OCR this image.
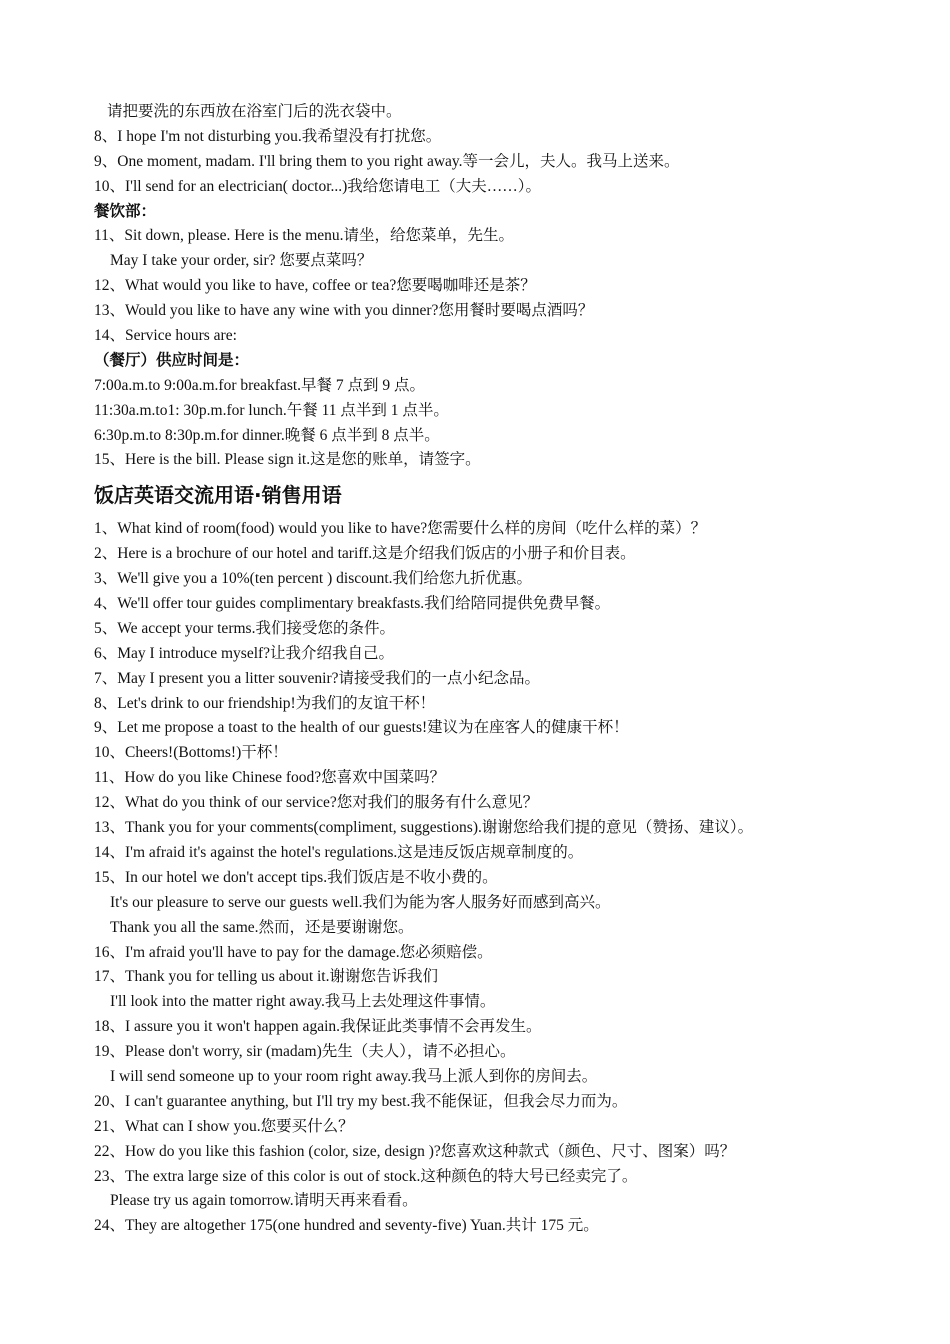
请把要洗的东西放在浴室门后的洗衣袋中。
8、I hope I'm not disturbing you.我希望没有打扰您。
9、One moment, madam. I'll bring them to you right away.等一会儿，夫人。我马上送来。
10、I'll send for an electrician( doctor...)我给您请电工（大夫……）。
餐饮部：
11、Sit down, please. Here is the menu.请坐，给您菜单，先生。
May I take your order, sir? 您要点菜吗？
12、What would you like to have, coffee or tea?您要喝咖啡还是茶？
13、Would you like to have any wine with you dinner?您用餐时要喝点酒吗？
14、Service hours are:
（餐厅）供应时间是：
7:00a.m.to 9:00a.m.for breakfast.早餐 7 点到 9 点。
11:30a.m.to1: 30p.m.for lunch.午餐 11 点半到 1 点半。
6:30p.m.to 8:30p.m.for dinner.晚餐 6 点半到 8 点半。
15、Here is the bill. Please sign it.这是您的账单，请签字。
饭店英语交流用语·销售用语
1、What kind of room(food) would you like to have?您需要什么样的房间（吃什么样的菜）？
2、Here is a brochure of our hotel and tariff.这是介绍我们饭店的小册子和价目表。
3、We'll give you a 10%(ten percent ) discount.我们给您九折优惠。
4、We'll offer tour guides complimentary breakfasts.我们给陪同提供免费早餐。
5、We accept your terms.我们接受您的条件。
6、May I introduce myself?让我介绍我自己。
7、May I present you a litter souvenir?请接受我们的一点小纪念品。
8、Let's drink to our friendship!为我们的友谊干杯！
9、Let me propose a toast to the health of our guests!建议为在座客人的健康干杯！
10、Cheers!(Bottoms!)干杯！
11、How do you like Chinese food?您喜欢中国菜吗？
12、What do you think of our service?您对我们的服务有什么意见？
13、Thank you for your comments(compliment, suggestions).谢谢您给我们提的意见（赞扬、建议）。
14、I'm afraid it's against the hotel's regulations.这是违反饭店规章制度的。
15、In our hotel we don't accept tips.我们饭店是不收小费的。
It's our pleasure to serve our guests well.我们为能为客人服务好而感到高兴。
Thank you all the same.然而，还是要谢谢您。
16、I'm afraid you'll have to pay for the damage.您必须赔偿。
17、Thank you for telling us about it.谢谢您告诉我们
I'll look into the matter right away.我马上去处理这件事情。
18、I assure you it won't happen again.我保证此类事情不会再发生。
19、Please don't worry, sir (madam)先生（夫人），请不必担心。
I will send someone up to your room right away.我马上派人到你的房间去。
20、I can't guarantee anything, but I'll try my best.我不能保证，但我会尽力而为。
21、What can I show you.您要买什么？
22、How do you like this fashion (color, size, design )?您喜欢这种款式（颜色、尺寸、图案）吗？
23、The extra large size of this color is out of stock.这种颜色的特大号已经卖完了。
Please try us again tomorrow.请明天再来看看。
24、They are altogether 175(one hundred and seventy-five) Yuan.共计 175 元。
